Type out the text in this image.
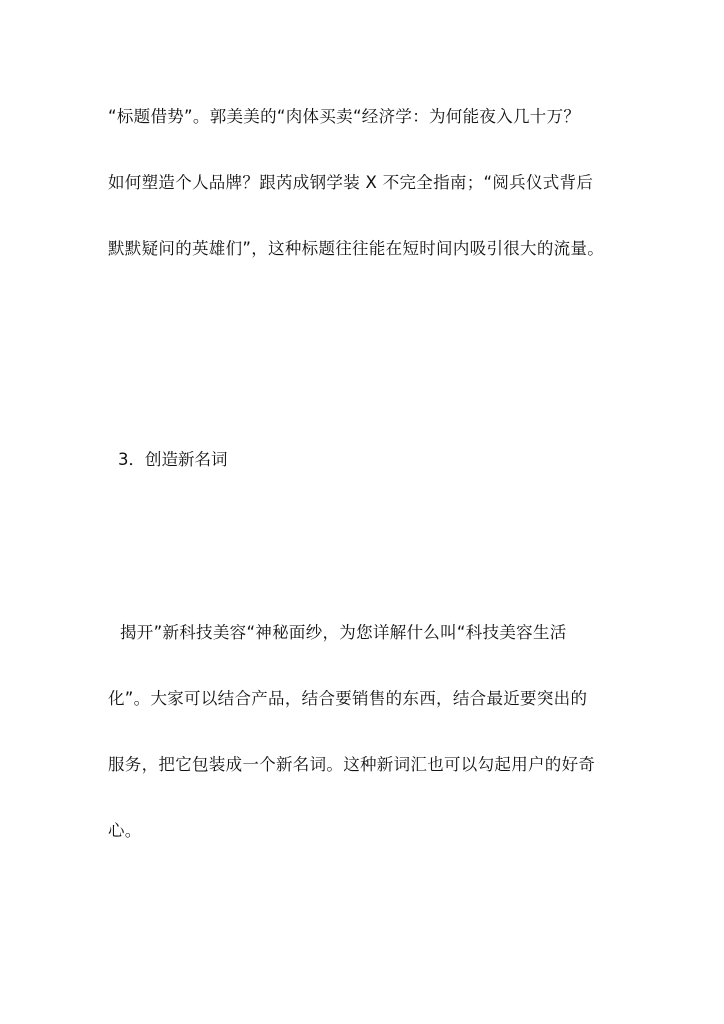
“标题借势”。郭美美的“肉体买卖“经济学：为何能夜入几十万？
如何塑造个人品牌？跟芮成钢学装 X 不完全指南；“阅兵仪式背后
默默疑问的英雄们”，这种标题往往能在短时间内吸引很大的流量。
3．创造新名词
揭开”新科技美容“神秘面纱，为您详解什么叫“科技美容生活
化”。大家可以结合产品，结合要销售的东西，结合最近要突出的
服务，把它包装成一个新名词。这种新词汇也可以勾起用户的好奇
心。
